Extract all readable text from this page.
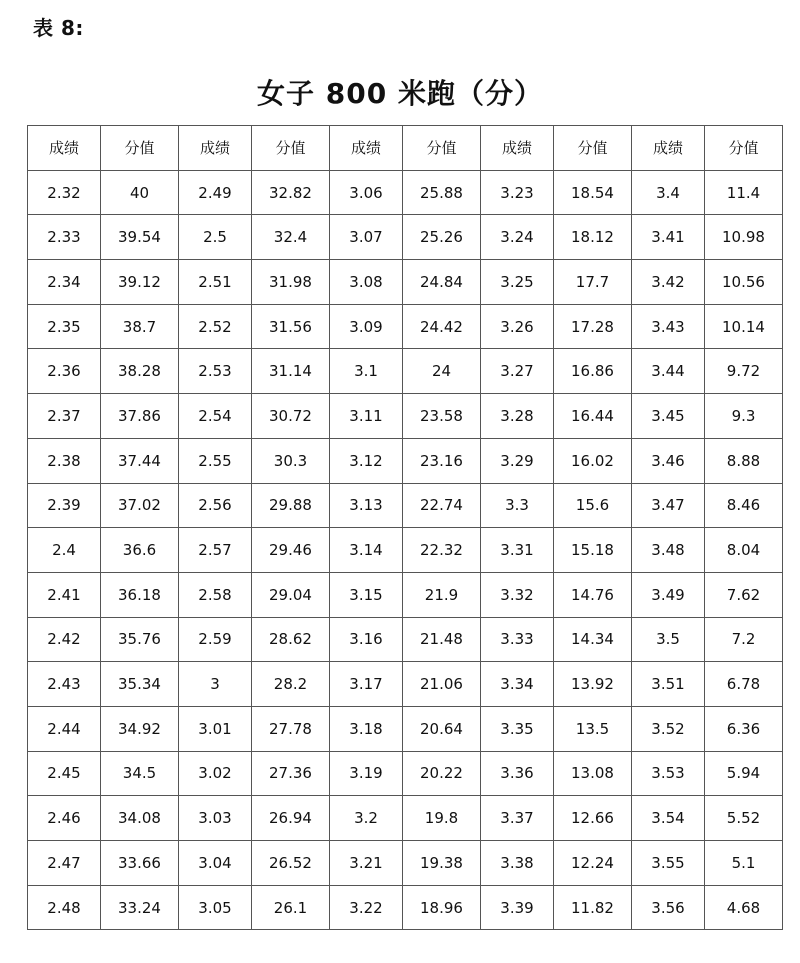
表 8:
女子 800 米跑（分）
成绩	分值	成绩	分值	成绩	分值	成绩	分值	成绩	分值
2.32	40	2.49	32.82	3.06	25.88	3.23	18.54	3.4	11.4
2.33	39.54	2.5	32.4	3.07	25.26	3.24	18.12	3.41	10.98
2.34	39.12	2.51	31.98	3.08	24.84	3.25	17.7	3.42	10.56
2.35	38.7	2.52	31.56	3.09	24.42	3.26	17.28	3.43	10.14
2.36	38.28	2.53	31.14	3.1	24	3.27	16.86	3.44	9.72
2.37	37.86	2.54	30.72	3.11	23.58	3.28	16.44	3.45	9.3
2.38	37.44	2.55	30.3	3.12	23.16	3.29	16.02	3.46	8.88
2.39	37.02	2.56	29.88	3.13	22.74	3.3	15.6	3.47	8.46
2.4	36.6	2.57	29.46	3.14	22.32	3.31	15.18	3.48	8.04
2.41	36.18	2.58	29.04	3.15	21.9	3.32	14.76	3.49	7.62
2.42	35.76	2.59	28.62	3.16	21.48	3.33	14.34	3.5	7.2
2.43	35.34	3	28.2	3.17	21.06	3.34	13.92	3.51	6.78
2.44	34.92	3.01	27.78	3.18	20.64	3.35	13.5	3.52	6.36
2.45	34.5	3.02	27.36	3.19	20.22	3.36	13.08	3.53	5.94
2.46	34.08	3.03	26.94	3.2	19.8	3.37	12.66	3.54	5.52
2.47	33.66	3.04	26.52	3.21	19.38	3.38	12.24	3.55	5.1
2.48	33.24	3.05	26.1	3.22	18.96	3.39	11.82	3.56	4.68
